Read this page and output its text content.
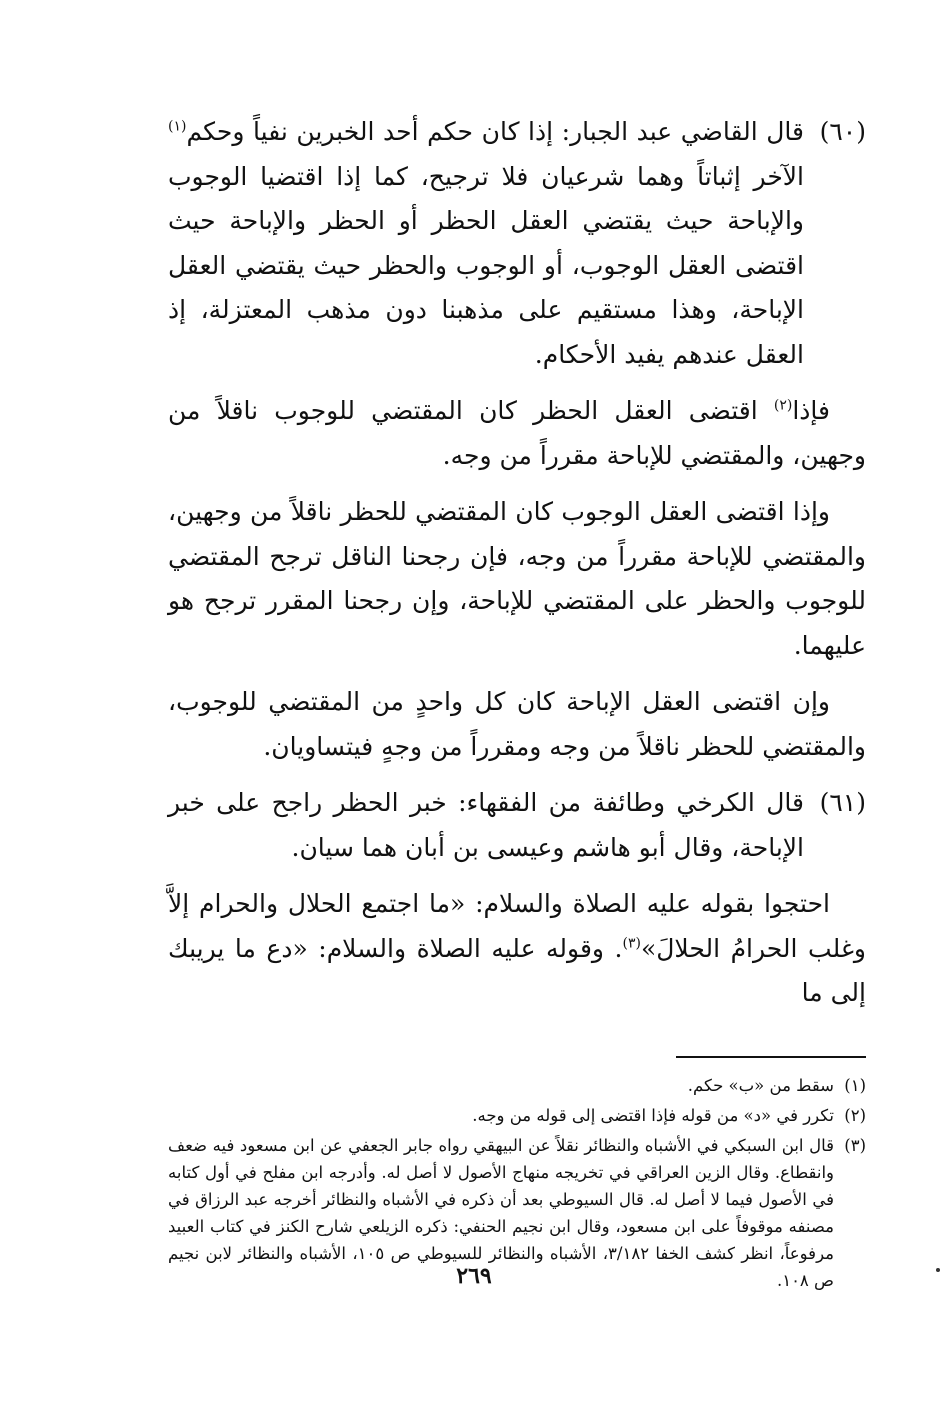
(٦٠)
قال القاضي عبد الجبار: إذا كان حكم أحد الخبرين نفياً وحكم$^{(١)}$ الآخر إثباتاً وهما شرعيان فلا ترجيح، كما إذا اقتضيا الوجوب والإباحة حيث يقتضي العقل الحظر أو الحظر والإباحة حيث اقتضى العقل الوجوب، أو الوجوب والحظر حيث يقتضي العقل الإباحة، وهذا مستقيم على مذهبنا دون مذهب المعتزلة، إذ العقل عندهم يفيد الأحكام.

فإذا$^{(٢)}$ اقتضى العقل الحظر كان المقتضي للوجوب ناقلاً من وجهين، والمقتضي للإباحة مقرراً من وجه.

وإذا اقتضى العقل الوجوب كان المقتضي للحظر ناقلاً من وجهين، والمقتضي للإباحة مقرراً من وجه، فإن رجحنا الناقل ترجح المقتضي للوجوب والحظر على المقتضي للإباحة، وإن رجحنا المقرر ترجح هو عليهما.

وإن اقتضى العقل الإباحة كان كل واحدٍ من المقتضي للوجوب، والمقتضي للحظر ناقلاً من وجه ومقرراً من وجهٍ فيتساويان.

(٦١)
قال الكرخي وطائفة من الفقهاء: خبر الحظر راجح على خبر الإباحة، وقال أبو هاشم وعيسى بن أبان هما سيان.

احتجوا بقوله عليه الصلاة والسلام: «ما اجتمع الحلال والحرام إلاَّ وغلب الحرامُ الحلالَ»$^{(٣)}$. وقوله عليه الصلاة والسلام: «دع ما يريبك إلى ما

(١)
سقط من «ب» حكم.
(٢)
تكرر في «د» من قوله فإذا اقتضى إلى قوله من وجه.
(٣)
قال ابن السبكي في الأشباه والنظائر نقلاً عن البيهقي رواه جابر الجعفي عن ابن مسعود فيه ضعف وانقطاع. وقال الزين العراقي في تخريجه منهاج الأصول لا أصل له. وأدرجه ابن مفلح في أول كتابه في الأصول فيما لا أصل له. قال السيوطي بعد أن ذكره في الأشباه والنظائر أخرجه عبد الرزاق في مصنفه موقوفاً على ابن مسعود، وقال ابن نجيم الحنفي: ذكره الزيلعي شارح الكنز في كتاب العبيد مرفوعاً، انظر كشف الخفا ٣/١٨٢، الأشباه والنظائر للسيوطي ص ١٠٥، الأشباه والنظائر لابن نجيم ص ١٠٨.
٢٦٩
